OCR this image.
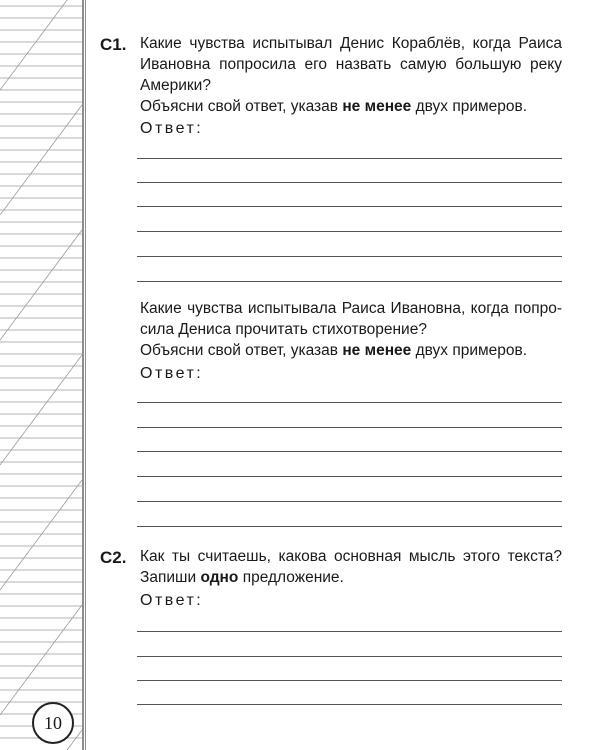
С1. Какие чувства испытывал Денис Кораблёв, когда Раиса
Ивановна попросила его назвать самую большую реку
Америки?
Объясни свой ответ, указав не менее двух примеров.
Ответ:
Какие чувства испытывала Раиса Ивановна, когда попро-
сила Дениса прочитать стихотворение?
Объясни свой ответ, указав не менее двух примеров.
Ответ:
С2. Как ты считаешь, какова основная мысль этого текста?
Запиши одно предложение.
Ответ:
10
